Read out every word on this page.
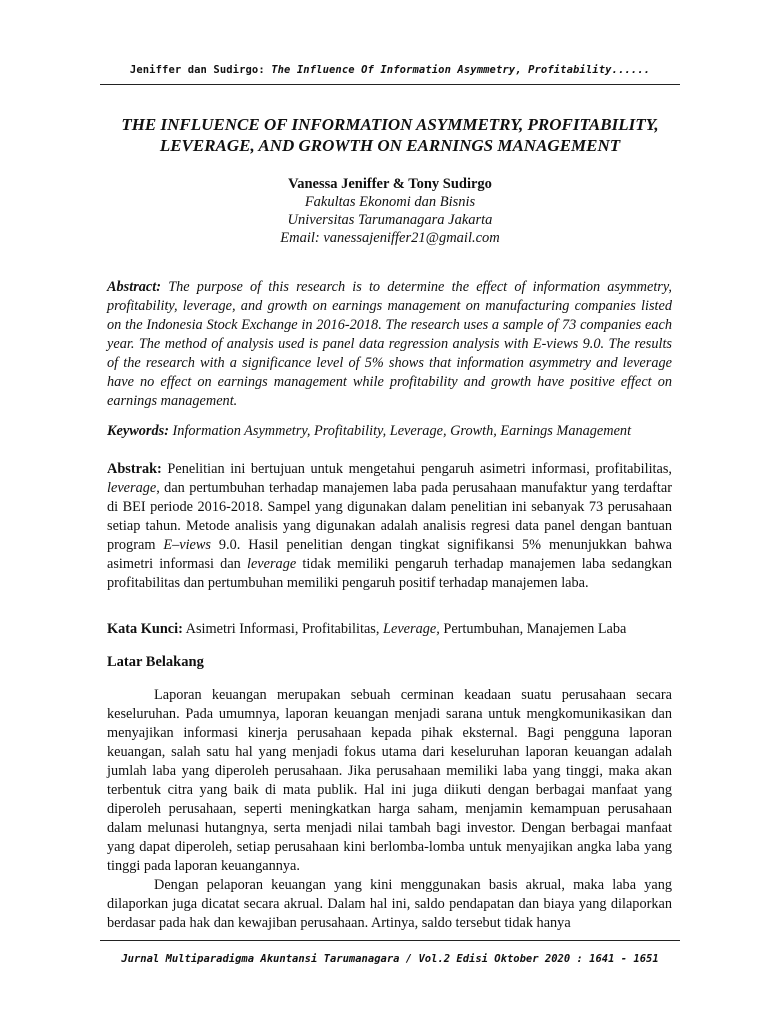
Jeniffer dan Sudirgo: The Influence Of Information Asymmetry, Profitability......
THE INFLUENCE OF INFORMATION ASYMMETRY, PROFITABILITY, LEVERAGE, AND GROWTH ON EARNINGS MANAGEMENT
Vanessa Jeniffer & Tony Sudirgo
Fakultas Ekonomi dan Bisnis
Universitas Tarumanagara Jakarta
Email: vanessajeniffer21@gmail.com
Abstract: The purpose of this research is to determine the effect of information asymmetry, profitability, leverage, and growth on earnings management on manufacturing companies listed on the Indonesia Stock Exchange in 2016-2018. The research uses a sample of 73 companies each year. The method of analysis used is panel data regression analysis with E-views 9.0. The results of the research with a significance level of 5% shows that information asymmetry and leverage have no effect on earnings management while profitability and growth have positive effect on earnings management.
Keywords: Information Asymmetry, Profitability, Leverage, Growth, Earnings Management
Abstrak: Penelitian ini bertujuan untuk mengetahui pengaruh asimetri informasi, profitabilitas, leverage, dan pertumbuhan terhadap manajemen laba pada perusahaan manufaktur yang terdaftar di BEI periode 2016-2018. Sampel yang digunakan dalam penelitian ini sebanyak 73 perusahaan setiap tahun. Metode analisis yang digunakan adalah analisis regresi data panel dengan bantuan program E–views 9.0. Hasil penelitian dengan tingkat signifikansi 5% menunjukkan bahwa asimetri informasi dan leverage tidak memiliki pengaruh terhadap manajemen laba sedangkan profitabilitas dan pertumbuhan memiliki pengaruh positif terhadap manajemen laba.
Kata Kunci: Asimetri Informasi, Profitabilitas, Leverage, Pertumbuhan, Manajemen Laba
Latar Belakang

Laporan keuangan merupakan sebuah cerminan keadaan suatu perusahaan secara keseluruhan. Pada umumnya, laporan keuangan menjadi sarana untuk mengkomunikasikan dan menyajikan informasi kinerja perusahaan kepada pihak eksternal. Bagi pengguna laporan keuangan, salah satu hal yang menjadi fokus utama dari keseluruhan laporan keuangan adalah jumlah laba yang diperoleh perusahaan. Jika perusahaan memiliki laba yang tinggi, maka akan terbentuk citra yang baik di mata publik. Hal ini juga diikuti dengan berbagai manfaat yang diperoleh perusahaan, seperti meningkatkan harga saham, menjamin kemampuan perusahaan dalam melunasi hutangnya, serta menjadi nilai tambah bagi investor. Dengan berbagai manfaat yang dapat diperoleh, setiap perusahaan kini berlomba-lomba untuk menyajikan angka laba yang tinggi pada laporan keuangannya.

Dengan pelaporan keuangan yang kini menggunakan basis akrual, maka laba yang dilaporkan juga dicatat secara akrual. Dalam hal ini, saldo pendapatan dan biaya yang dilaporkan berdasar pada hak dan kewajiban perusahaan. Artinya, saldo tersebut tidak hanya

Jurnal Multiparadigma Akuntansi Tarumanagara / Vol.2 Edisi Oktober 2020 : 1641 - 1651
